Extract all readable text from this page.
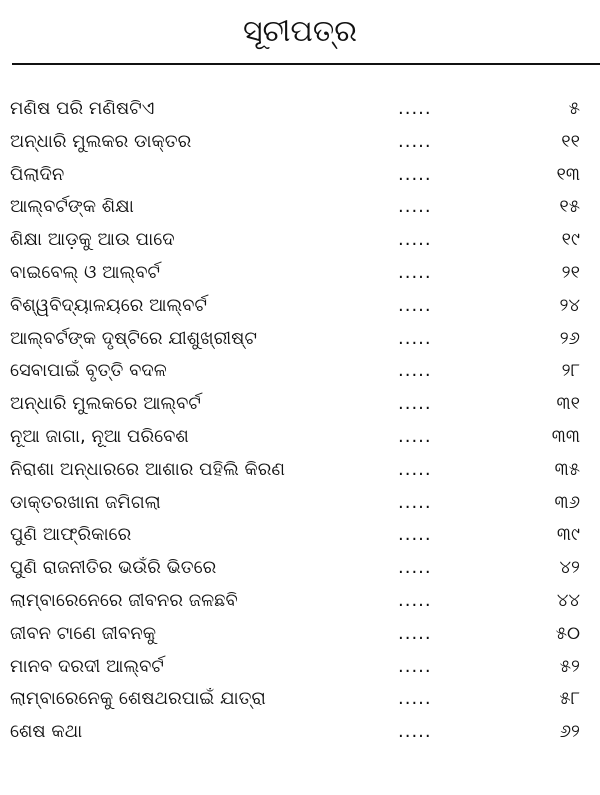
ସୂଚୀପତ୍ର
ମଣିଷ ପରି ମଣିଷଟିଏ	.....	୫
ଅନ୍ଧାରି ମୁଲକର ଡାକ୍ତର	.....	୧୧
ପିଲାଦିନ	.....	୧୩
ଆଲ୍‌ବର୍ଟଙ୍କ ଶିକ୍ଷା	.....	୧୫
ଶିକ୍ଷା ଆଡ଼କୁ ଆଉ ପାଦେ	.....	୧୯
ବାଇବେଲ୍ ଓ ଆଲ୍‌ବର୍ଟ	.....	୨୧
ବିଶ୍ୱବିଦ୍ୟାଳୟରେ ଆଲ୍‌ବର୍ଟ	.....	୨୪
ଆଲ୍‌ବର୍ଟଙ୍କ ଦୃଷ୍ଟିରେ ଯୀଶୁଖ୍ରୀଷ୍ଟ	.....	୨୬
ସେବାପାଇଁ ବୃତ୍ତି ବଦଳ	.....	୨୮
ଅନ୍ଧାରି ମୁଲକରେ ଆଲ୍‌ବର୍ଟ	.....	୩୧
ନୂଆ ଜାଗା, ନୂଆ ପରିବେଶ	.....	୩୩
ନିରାଶା ଅନ୍ଧାରରେ ଆଶାର ପହିଲି କିରଣ	.....	୩୫
ଡାକ୍ତରଖାନା ଜମିଗଲା	.....	୩୬
ପୁଣି ଆଫ୍ରିକାରେ	.....	୩୯
ପୁଣି ରାଜନୀତିର ଭଉଁରି ଭିତରେ	.....	୪୨
ଲାମ୍ବାରେନେରେ ଜୀବନର ଜଳଛବି	.....	୪୪
ଜୀବନ ଟାଣେ ଜୀବନକୁ	.....	୫୦
ମାନବ ଦରଦୀ ଆଲ୍‌ବର୍ଟ	.....	୫୨
ଲାମ୍ବାରେନେକୁ ଶେଷଥରପାଇଁ ଯାତ୍ରା	.....	୫୮
ଶେଷ କଥା	.....	୬୨
